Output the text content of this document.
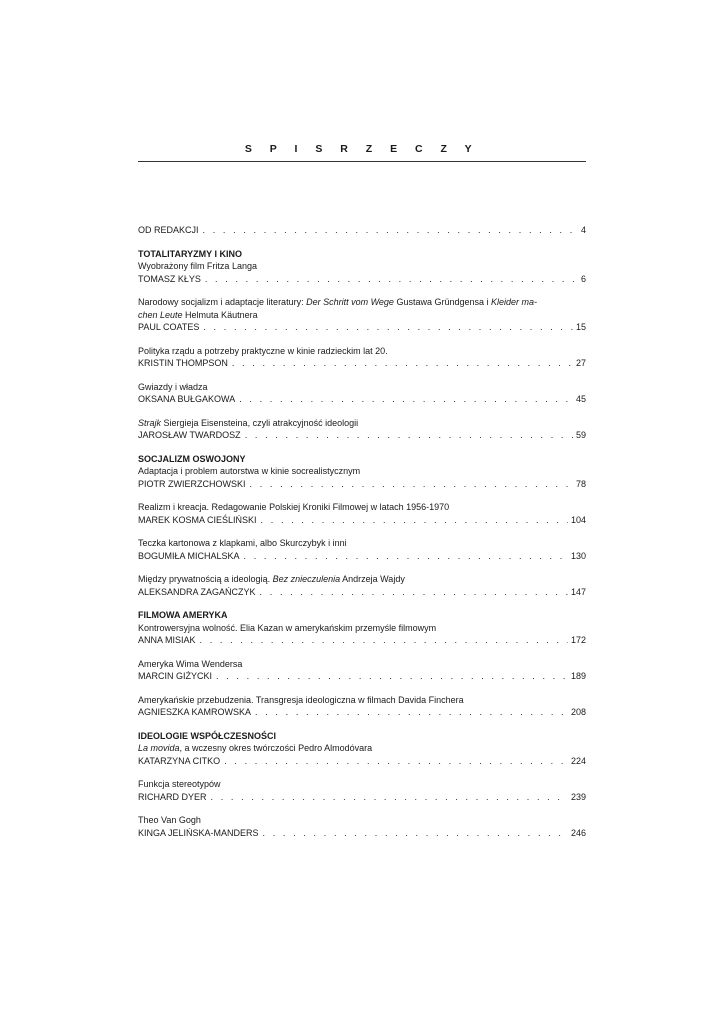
S P I S R Z E C Z Y
OD REDAKCJI . . .	4
TOTALITARYZMY I KINO
Wyobrażony film Fritza Langa
TOMASZ KŁYS . . .	6
Narodowy socjalizm i adaptacje literatury: Der Schritt vom Wege Gustawa Gründgensa i Kleider ma-
chen Leute Helmuta Käutnera
PAUL COATES . . .	15
Polityka rządu a potrzeby praktyczne w kinie radzieckim lat 20.
KRISTIN THOMPSON . . .	27
Gwiazdy i władza
OKSANA BUŁGAKOWA . . .	45
Strajk Siergieja Eisensteina, czyli atrakcyjność ideologii
JAROSŁAW TWARDOSZ . . .	59
SOCJALIZM OSWOJONY
Adaptacja i problem autorstwa w kinie socrealistycznym
PIOTR ZWIERZCHOWSKI . . .	78
Realizm i kreacja. Redagowanie Polskiej Kroniki Filmowej w latach 1956-1970
MAREK KOSMA CIEŚLIŃSKI . . .	104
Teczka kartonowa z klapkami, albo Skurczybyk i inni
BOGUMIŁA MICHALSKA . . .	130
Między prywatnością a ideologią. Bez znieczulenia Andrzeja Wajdy
ALEKSANDRA ZAGAŃCZYK . . .	147
FILMOWA AMERYKA
Kontrowersyjna wolność. Elia Kazan w amerykańskim przemyśle filmowym
ANNA MISIAK . . .	172
Ameryka Wima Wendersa
MARCIN GIŻYCKI . . .	189
Amerykańskie przebudzenia. Transgresja ideologiczna w filmach Davida Finchera
AGNIESZKA KAMROWSKA . . .	208
IDEOLOGIE WSPÓŁCZESNOŚCI
La movida, a wczesny okres twórczości Pedro Almodóvara
KATARZYNA CITKO . . .	224
Funkcja stereotypów
RICHARD DYER . . .	239
Theo Van Gogh
KINGA JELIŃSKA-MANDERS . . .	246
